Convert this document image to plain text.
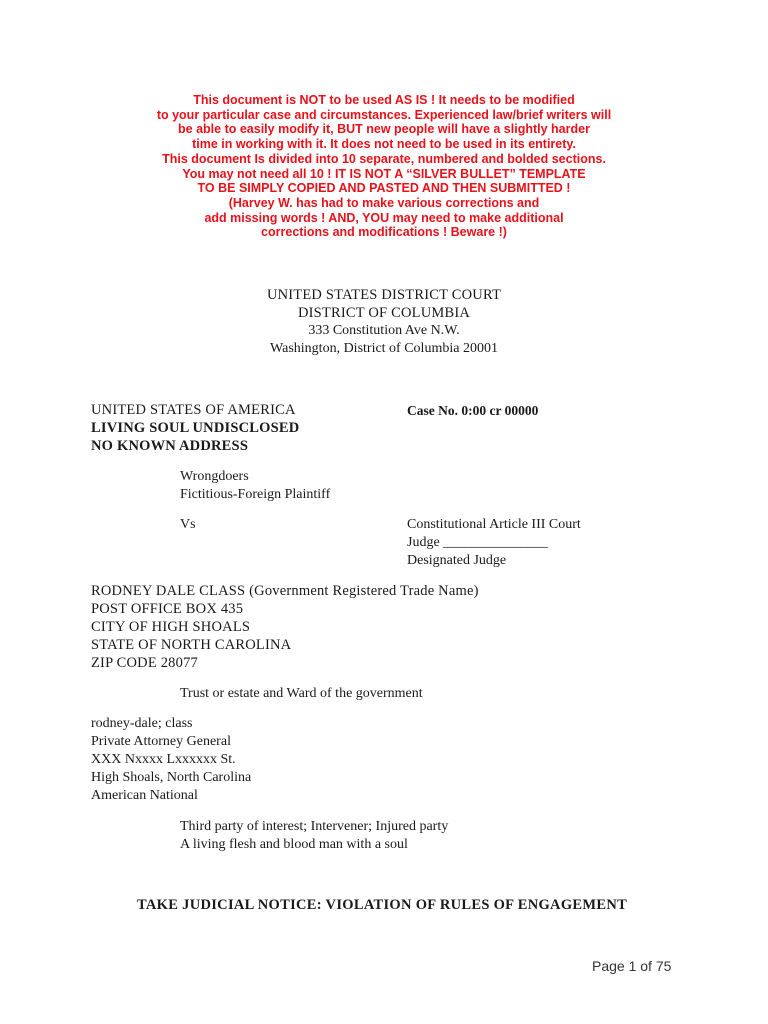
This document is NOT to be used AS IS ! It needs to be modified
to your particular case and circumstances. Experienced law/brief writers will
be able to easily modify it, BUT new people will have a slightly harder
time in working with it. It does not need to be used in its entirety.
This document Is divided into 10 separate, numbered and bolded sections.
You may not need all 10 ! IT IS NOT A “SILVER BULLET” TEMPLATE
TO BE SIMPLY COPIED AND PASTED AND THEN SUBMITTED !
(Harvey W. has had to make various corrections and
add missing words ! AND, YOU may need to make additional
corrections and modifications ! Beware !)
UNITED STATES DISTRICT COURT
DISTRICT OF COLUMBIA
333 Constitution Ave N.W.
Washington, District of Columbia 20001
UNITED STATES OF AMERICA
LIVING SOUL UNDISCLOSED
NO KNOWN ADDRESS
Case No. 0:00 cr 00000
Wrongdoers
Fictitious-Foreign Plaintiff
Vs	Constitutional Article III Court
Judge _______________
Designated Judge
RODNEY DALE CLASS (Government Registered Trade Name)
POST OFFICE BOX 435
CITY OF HIGH SHOALS
STATE OF NORTH CAROLINA
ZIP CODE 28077
Trust or estate and Ward of the government
rodney-dale; class
Private Attorney General
XXX Nxxxx Lxxxxxx St.
High Shoals, North Carolina
American National
Third party of interest; Intervener; Injured party
A living flesh and blood man with a soul
TAKE JUDICIAL NOTICE: VIOLATION OF RULES OF ENGAGEMENT
Page 1 of 75
